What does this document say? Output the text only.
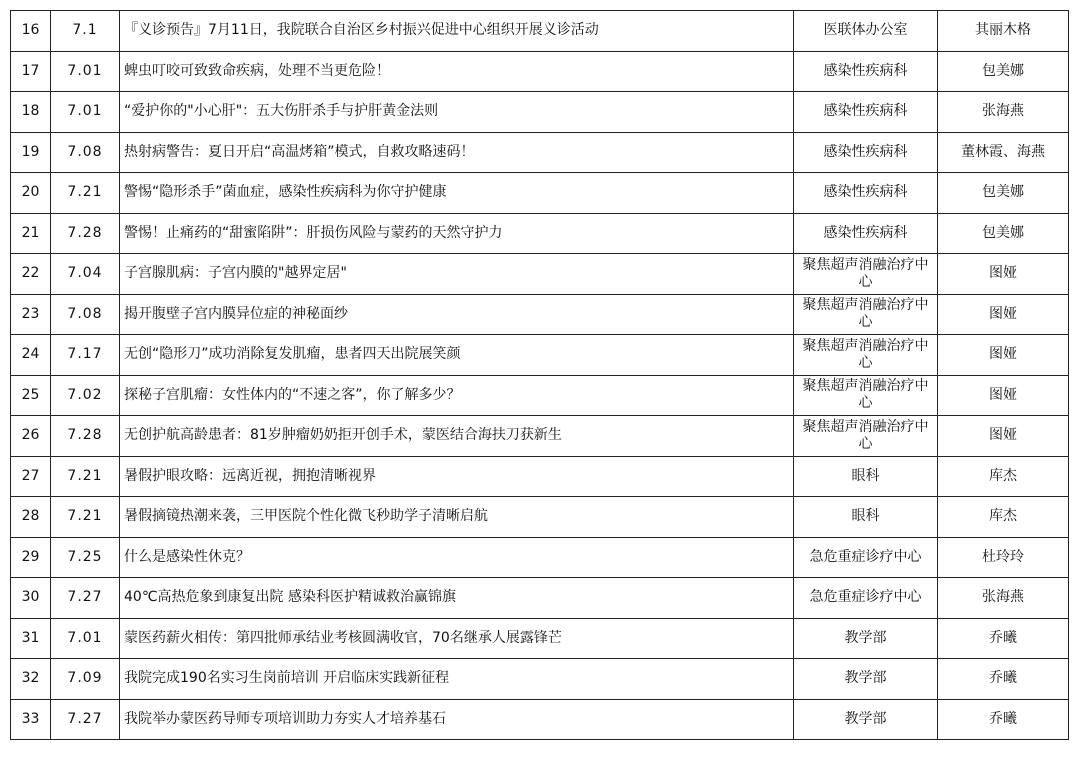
16	7.1	『义诊预告』7月11日，我院联合自治区乡村振兴促进中心组织开展义诊活动	医联体办公室	其丽木格
17	7.01	蜱虫叮咬可致致命疾病，处理不当更危险！	感染性疾病科	包美娜
18	7.01	“爱护你的"小心肝"：五大伤肝杀手与护肝黄金法则	感染性疾病科	张海燕
19	7.08	热射病警告：夏日开启“高温烤箱”模式，自救攻略速码！	感染性疾病科	董林霞、海燕
20	7.21	警惕“隐形杀手”菌血症，感染性疾病科为你守护健康	感染性疾病科	包美娜
21	7.28	警惕！止痛药的“甜蜜陷阱”：肝损伤风险与蒙药的天然守护力	感染性疾病科	包美娜
22	7.04	子宫腺肌病：子宫内膜的"越界定居"	聚焦超声消融治疗中心	图娅
23	7.08	揭开腹壁子宫内膜异位症的神秘面纱	聚焦超声消融治疗中心	图娅
24	7.17	无创“隐形刀”成功消除复发肌瘤，患者四天出院展笑颜	聚焦超声消融治疗中心	图娅
25	7.02	探秘子宫肌瘤：女性体内的“不速之客”，你了解多少？	聚焦超声消融治疗中心	图娅
26	7.28	无创护航高龄患者：81岁肿瘤奶奶拒开创手术，蒙医结合海扶刀获新生	聚焦超声消融治疗中心	图娅
27	7.21	暑假护眼攻略：远离近视，拥抱清晰视界	眼科	库杰
28	7.21	暑假摘镜热潮来袭，三甲医院个性化微飞秒助学子清晰启航	眼科	库杰
29	7.25	什么是感染性休克？	急危重症诊疗中心	杜玲玲
30	7.27	40℃高热危象到康复出院 感染科医护精诚救治赢锦旗	急危重症诊疗中心	张海燕
31	7.01	蒙医药薪火相传：第四批师承结业考核圆满收官，70名继承人展露锋芒	教学部	乔曦
32	7.09	我院完成190名实习生岗前培训 开启临床实践新征程	教学部	乔曦
33	7.27	我院举办蒙医药导师专项培训助力夯实人才培养基石	教学部	乔曦
